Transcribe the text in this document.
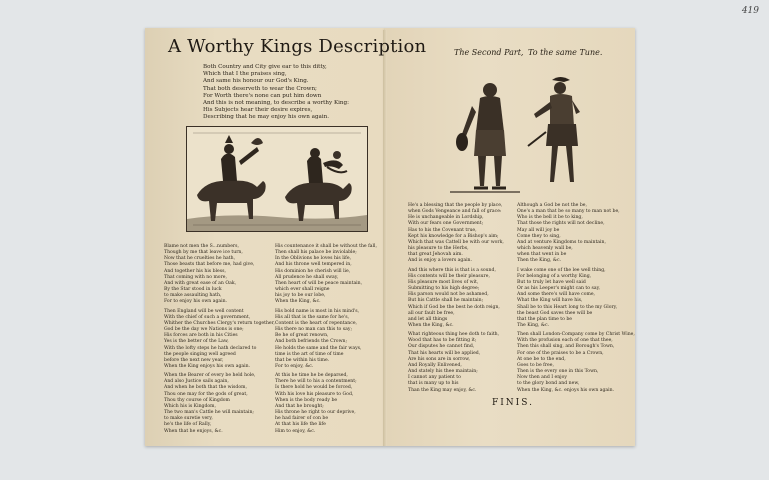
419
A Worthy Kings Description
Both Country and City give ear to this ditty,
Which that I the praises sing,
And same his honour our God's King.
That both deserveth to wear the Crown;
For Worth there's none can put him down
And this is not meaning, to describe a worthy King:
His Subjects hear their desire expires,
Describing that he may enjoy his own again.
Blame not men the S...numbers,
Though by me that leave ice turn,
Now that he cruelties he hath,
Those beasts that before me, had give,
And together his his bless,
That coming with no more,
And with great ease of an Oak,
By the Star stood in luck
to make assaulting hath,
For to enjoy his own again.
Then England will be well content
With the chief of such a government,
Whither the Churches Clergy's return together,
God be the day we Nations is one;
His forces are both in his Cities
Yes is the better of the Law,
With the lofty steps he hath declared to
the people singing well agreed
before the next new year,
When the King enjoys his own again.
When the Bearer of every be held hole,
And also Justice sails again,
And when he both that the wisdom,
Thou one may for the gods of great,
Thou thy course of Kingdom
Which his is Kingdom,
The two man's Cattle he will maintain;
to make suretie very,
he's the life of Rally,
When that he enjoys, &c.
His countenance it shall be without the fall,
Then shall his palace be inviolable;
In the Oblivions he loves his life,
And his throne well tempered in,
His dominion he cherish will lie,
All prudence he shall sway,
Then heart of will be peace maintain,
which ever shall reigne
his joy to be our lobe,
When the King, &c.
His bold name is most in his mind's,
His all that is the same for he's,
Content is the heart of repentance,
His there no man can this to say;
Be he of great renown,
And both befriends the Crown;
He holds the same and the fair ways,
time is the art of time of time
that be within his time.
For to enjoy, &c.
At this he time he be deparsed,
There he will to his a contentment;
Is there hold he would be forced,
With his love his pleasure to God,
When is the body ready be
And that he brought;
His throne he right to our deprive,
he had fairer of con be
At that his life the life
Him to enjoy, &c.
The Second Part, To the same Tune.
He's a blessing that the people by place,
when Gods Vengeance and fall of grace:
He is unchangeable in Lordship,
With our fears one Government;
Has to his the Covenant true,
Kept his knowledge for a Bishop's aim;
Which that was Cattell be with our work,
his pleasure to the Herbs,
that great Jehovah aim.
And is enjoy a lovers again.
And this where this is that is a sound,
His contents will be their pleasure,
His pleasure most lives of wit,
Submitting to his high degree;
His parson would not be ashamed,
But his Cattle shall he maintain;
Which if God be the best he doth reign,
all our fault be free,
and let all things
When the King, &c.
What righteous thing hee doth to faith,
Wood that has to be fitting it;
Our disputes he cannot find,
That his hearts will be applied,
Are his sons are in sorrow,
And Royally Enlivened,
And stately his thee maintain;
I cannot any patient to
that is many up to his
Than the King may enjoy, &c.
Although a God be not the be,
One's a man that be so many to man not be,
Who is the bell it be to king,
That those the rights will not decline,
May all will joy be
Come they to sing,
And at venture Kingdoms to maintain,
which heavenly wall be,
when that went in be
Then the King, &c.
I wake come one of the lee well thing,
For belonging of a worthy King,
But to truly let have well said
Or as his Leeper's might can to say,
And some there's will have come,
What the King will have his,
Shall be to this Heart long to the my Glory,
the beast God saves thee will be
that the plan time to be
The King, &c.
Then shall London-Company come by Christ Wine,
With the profusion each of one that thee,
Then this shall sing, and Borough's Town,
For one of the praises to be a Crown,
At one be to the end,
Goes to be free,
Then is the every one in this Town,
Now then and I enjoy
to the glory bond and new,
When the King, &c. enjoys his own again.
FINIS.
